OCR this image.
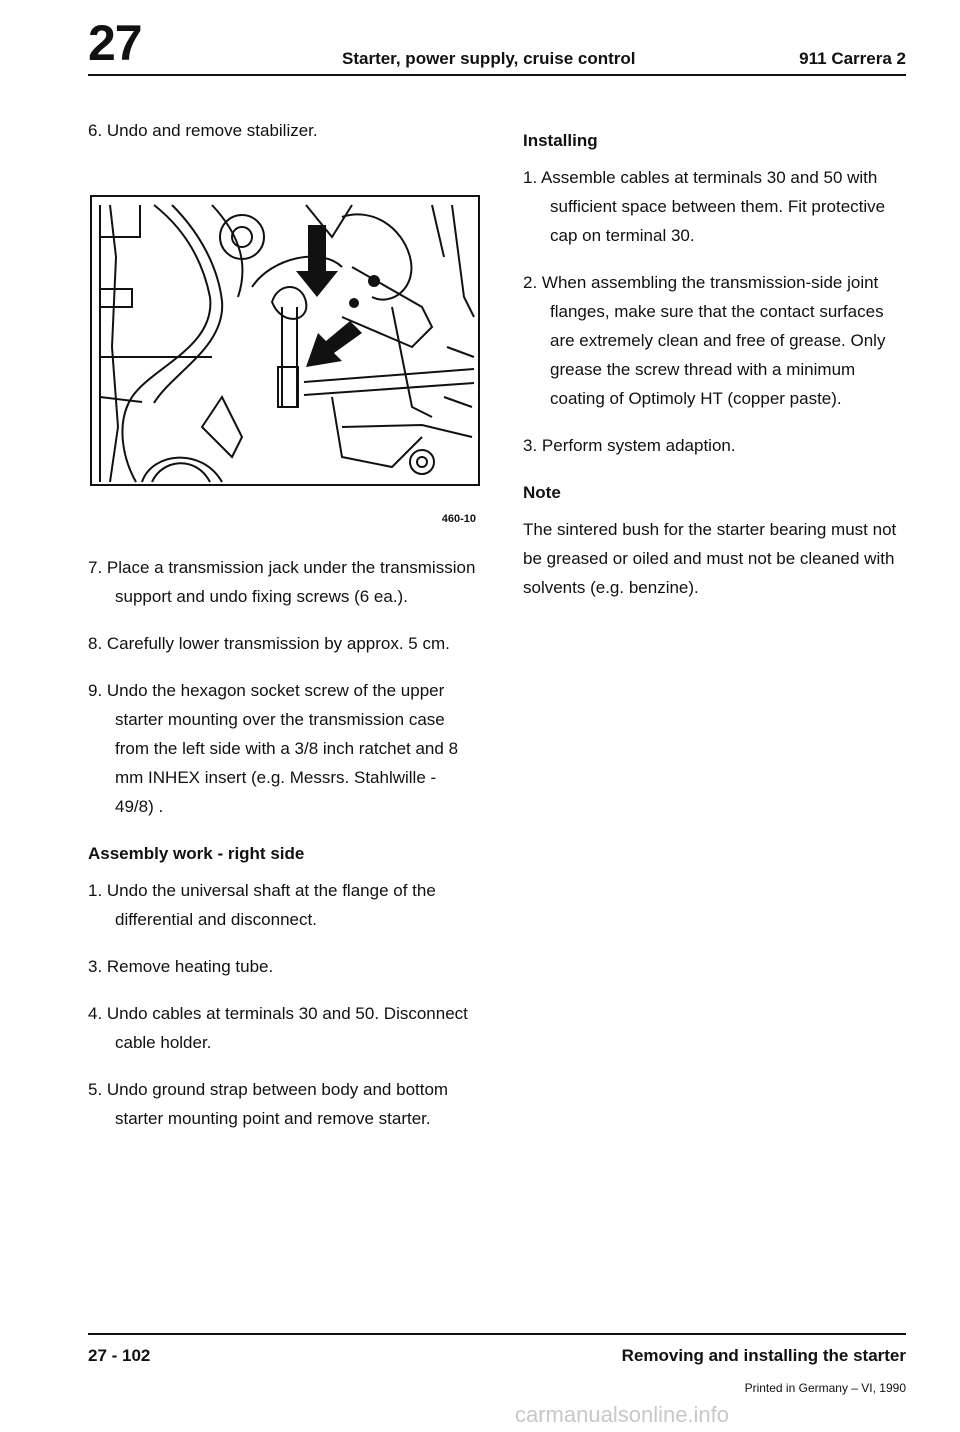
27	Starter, power supply, cruise control	911 Carrera 2

6. Undo and remove stabilizer.

460-10

7. Place a transmission jack under the transmission support and undo fixing screws (6 ea.).

8. Carefully lower transmission by approx. 5 cm.

9. Undo the hexagon socket screw of the upper starter mounting over the transmission case from the left side with a 3/8 inch ratchet and 8 mm INHEX insert (e.g. Messrs. Stahlwille - 49/8) .

Assembly work - right side

1. Undo the universal shaft at the flange of the differential and disconnect.

3. Remove heating tube.

4. Undo cables at terminals 30 and 50. Disconnect cable holder.

5. Undo ground strap between body and bottom starter mounting point and remove starter.

Installing

1. Assemble cables at terminals 30 and 50 with sufficient space between them. Fit protective cap on terminal 30.

2. When assembling the transmission-side joint flanges, make sure that the contact surfaces are extremely clean and free of grease. Only grease the screw thread with a minimum coating of Optimoly HT (copper paste).

3. Perform system adaption.

Note

The sintered bush for the starter bearing must not be greased or oiled and must not be cleaned with solvents (e.g. benzine).

27 - 102	Removing and installing the starter
Printed in Germany – VI, 1990
carmanualsonline.info
